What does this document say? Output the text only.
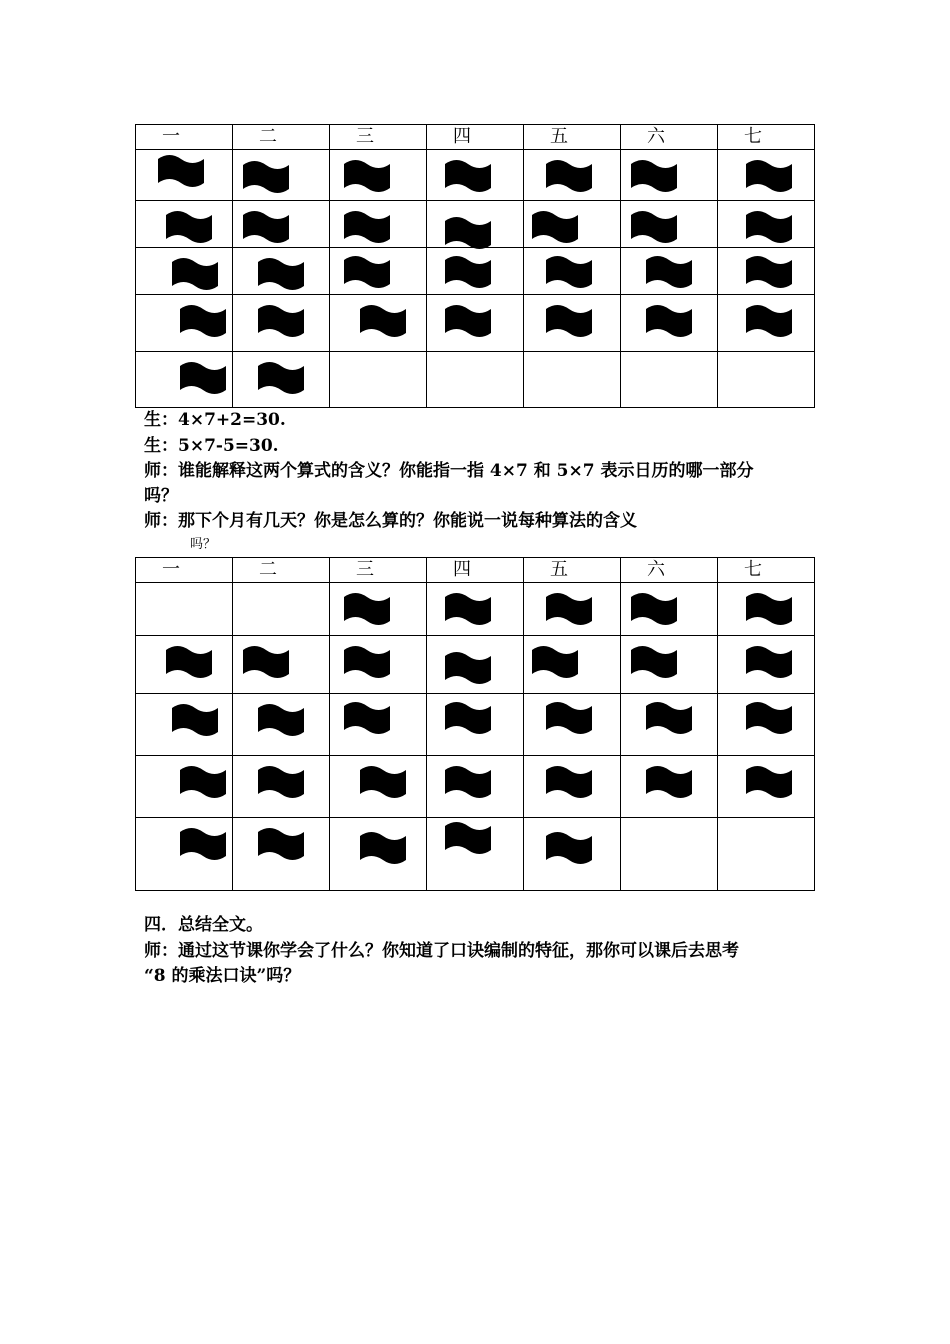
一	二	三	四	五	六	七

生：4×7+2=30.
生：5×7-5=30.
师：谁能解释这两个算式的含义？你能指一指 4×7 和 5×7 表示日历的哪一部分
吗？
师：那下个月有几天？你是怎么算的？你能说一说每种算法的含义
吗？
一	二	三	四	五	六	七

四．总结全文。
师：通过这节课你学会了什么？你知道了口诀编制的特征，那你可以课后去思考
“8 的乘法口诀”吗？
